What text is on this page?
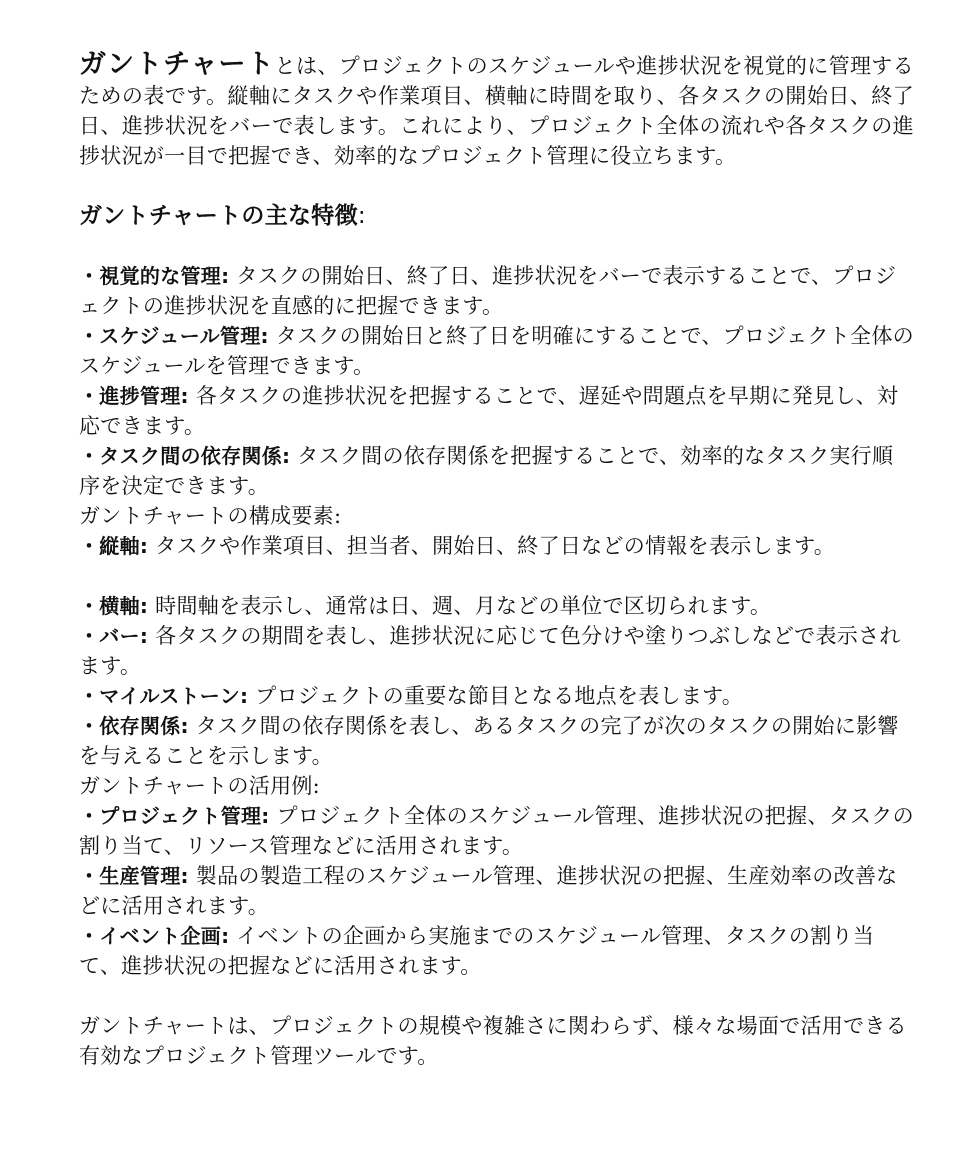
ガントチャートとは、プロジェクトのスケジュールや進捗状況を視覚的に管理するための表です。縦軸にタスクや作業項目、横軸に時間を取り、各タスクの開始日、終了日、進捗状況をバーで表します。これにより、プロジェクト全体の流れや各タスクの進捗状況が一目で把握でき、効率的なプロジェクト管理に役立ちます。

ガントチャートの主な特徴:

・視覚的な管理: タスクの開始日、終了日、進捗状況をバーで表示することで、プロジェクトの進捗状況を直感的に把握できます。

・スケジュール管理: タスクの開始日と終了日を明確にすることで、プロジェクト全体のスケジュールを管理できます。

・進捗管理: 各タスクの進捗状況を把握することで、遅延や問題点を早期に発見し、対応できます。

・タスク間の依存関係: タスク間の依存関係を把握することで、効率的なタスク実行順序を決定できます。

ガントチャートの構成要素:

・縦軸: タスクや作業項目、担当者、開始日、終了日などの情報を表示します。

・横軸: 時間軸を表示し、通常は日、週、月などの単位で区切られます。

・バー: 各タスクの期間を表し、進捗状況に応じて色分けや塗りつぶしなどで表示されます。

・マイルストーン: プロジェクトの重要な節目となる地点を表します。

・依存関係: タスク間の依存関係を表し、あるタスクの完了が次のタスクの開始に影響を与えることを示します。

ガントチャートの活用例:

・プロジェクト管理: プロジェクト全体のスケジュール管理、進捗状況の把握、タスクの割り当て、リソース管理などに活用されます。

・生産管理: 製品の製造工程のスケジュール管理、進捗状況の把握、生産効率の改善などに活用されます。

・イベント企画: イベントの企画から実施までのスケジュール管理、タスクの割り当て、進捗状況の把握などに活用されます。

ガントチャートは、プロジェクトの規模や複雑さに関わらず、様々な場面で活用できる有効なプロジェクト管理ツールです。
